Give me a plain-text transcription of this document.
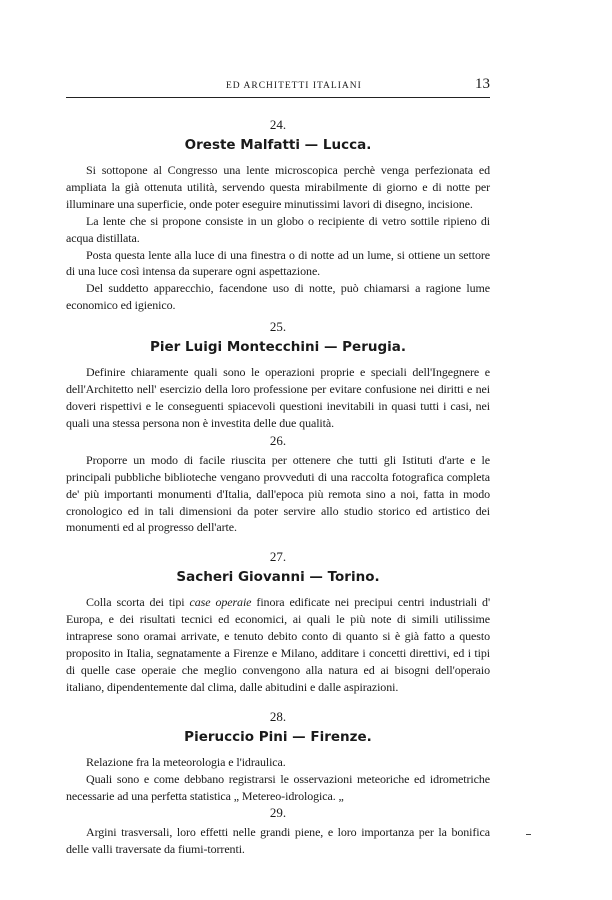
ED ARCHITETTI ITALIANI	13
24.
Oreste Malfatti — Lucca.

Si sottopone al Congresso una lente microscopica perchè venga perfezionata ed ampliata la già ottenuta utilità, servendo questa mirabilmente di giorno e di notte per illuminare una superficie, onde poter eseguire minutissimi lavori di disegno, incisione.

La lente che si propone consiste in un globo o recipiente di vetro sottile ripieno di acqua distillata.

Posta questa lente alla luce di una finestra o di notte ad un lume, si ottiene un settore di una luce così intensa da superare ogni aspettazione.

Del suddetto apparecchio, facendone uso di notte, può chiamarsi a ragione lume economico ed igienico.

25.
Pier Luigi Montecchini — Perugia.

Definire chiaramente quali sono le operazioni proprie e speciali dell'Ingegnere e dell'Architetto nell' esercizio della loro professione per evitare confusione nei diritti e nei doveri rispettivi e le conseguenti spiacevoli questioni inevitabili in quasi tutti i casi, nei quali una stessa persona non è investita delle due qualità.

26.

Proporre un modo di facile riuscita per ottenere che tutti gli Istituti d'arte e le principali pubbliche biblioteche vengano provveduti di una raccolta fotografica completa de' più importanti monumenti d'Italia, dall'epoca più remota sino a noi, fatta in modo cronologico ed in tali dimensioni da poter servire allo studio storico ed artistico dei monumenti ed al progresso dell'arte.

27.
Sacheri Giovanni — Torino.

Colla scorta dei tipi case operaie finora edificate nei precipui centri industriali d' Europa, e dei risultati tecnici ed economici, ai quali le più note di simili utilissime intraprese sono oramai arrivate, e tenuto debito conto di quanto si è già fatto a questo proposito in Italia, segnatamente a Firenze e Milano, additare i concetti direttivi, ed i tipi di quelle case operaie che meglio convengono alla natura ed ai bisogni dell'operaio italiano, dipendentemente dal clima, dalle abitudini e dalle aspirazioni.

28.
Pieruccio Pini — Firenze.

Relazione fra la meteorologia e l'idraulica.

Quali sono e come debbano registrarsi le osservazioni meteoriche ed idrometriche necessarie ad una perfetta statistica „ Metereo-idrologica. „

29.

Argini trasversali, loro effetti nelle grandi piene, e loro importanza per la bonifica delle valli traversate da fiumi-torrenti.
